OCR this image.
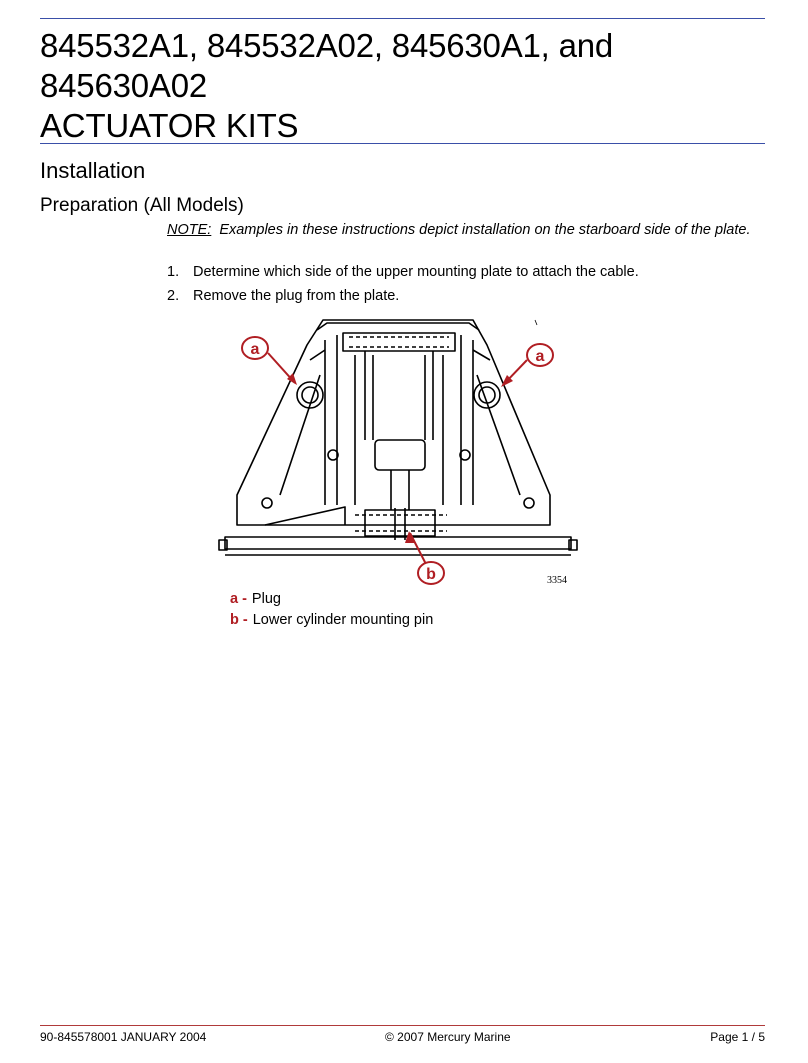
845532A1, 845532A02, 845630A1, and
845630A02
ACTUATOR KITS
Installation
Preparation (All Models)

NOTE: Examples in these instructions depict installation on the starboard side of the plate.

1. Determine which side of the upper mounting plate to attach the cable.
2. Remove the plug from the plate.
a	a
b	3354
a - Plug
b - Lower cylinder mounting pin
90-845578001 JANUARY 2004	© 2007 Mercury Marine	Page 1 / 5
